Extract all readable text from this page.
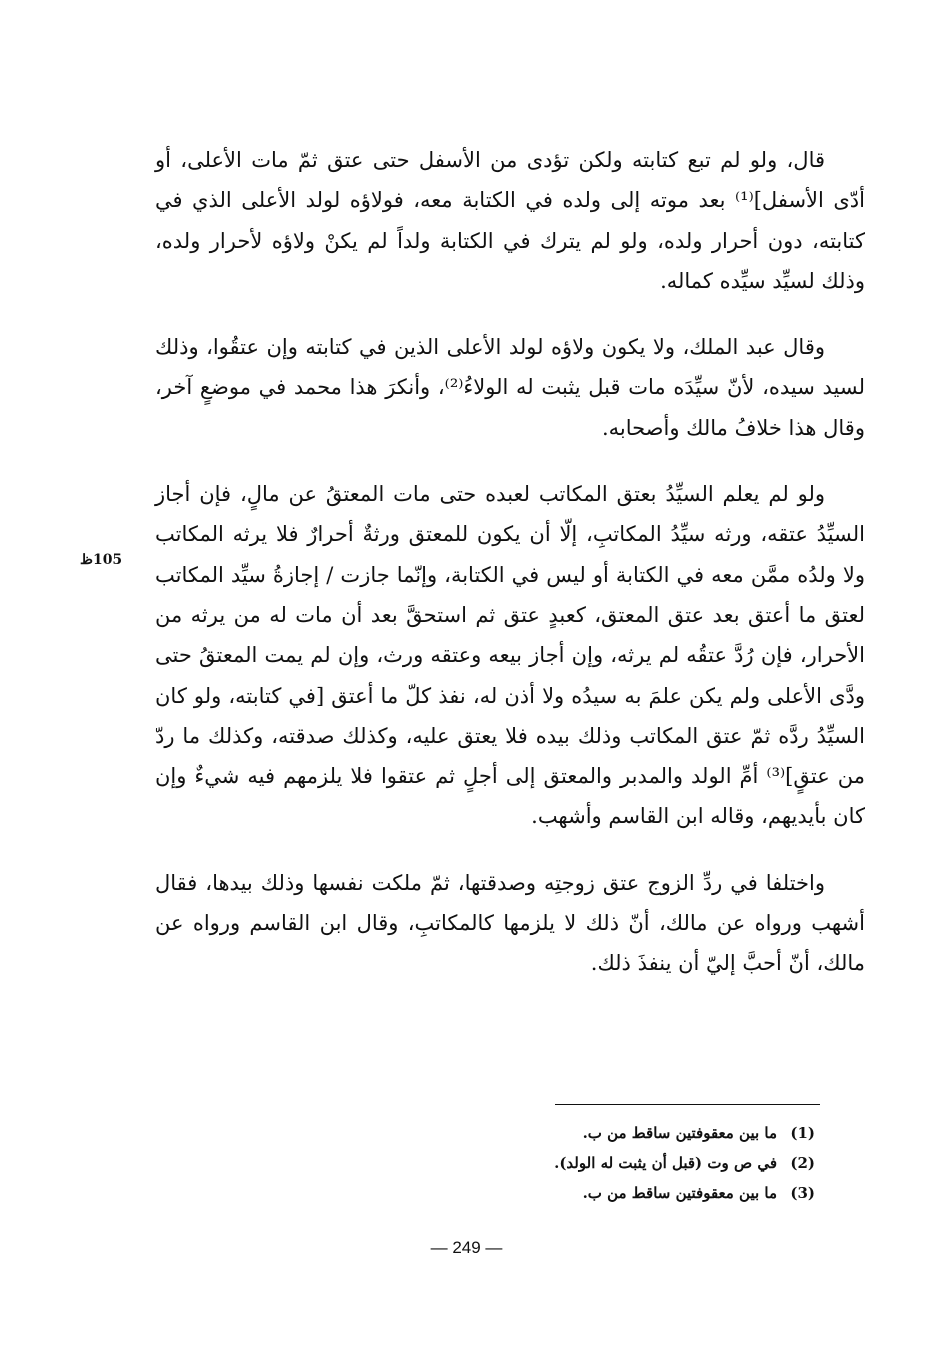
قال، ولو لم تبع كتابته ولكن تؤدى من الأسفل حتى عتق ثمّ مات الأعلى، أو أدّى الأسفل]⁽¹⁾ بعد موته إلى ولده في الكتابة معه، فولاؤه لولد الأعلى الذي في كتابته، دون أحرار ولده، ولو لم يترك في الكتابة ولداً لم يكنْ ولاؤه لأحرار ولده، وذلك لسيِّد سيِّده كماله.

وقال عبد الملك، ولا يكون ولاؤه لولد الأعلى الذين في كتابته وإن عتقُوا، وذلك لسيد سيده، لأنّ سيِّدَه مات قبل يثبت له الولاءُ⁽²⁾، وأنكرَ هذا محمد في موضعٍ آخر، وقال هذا خلافُ مالك وأصحابه.

ولو لم يعلم السيِّدُ بعتق المكاتب لعبده حتى مات المعتقُ عن مالٍ، فإن أجاز السيِّدُ عتقه، ورثه سيِّدُ المكاتبِ، إلّا أن يكون للمعتق ورثةٌ أحرارٌ فلا يرثه المكاتب ولا ولدُه ممَّن معه في الكتابة أو ليس في الكتابة، وإنّما جازت / إجازةُ سيِّد المكاتب لعتق ما أعتق بعد عتق المعتق، كعبدٍ عتق ثم استحقَّ بعد أن مات له من يرثه من الأحرار، فإن رُدَّ عتقُه لم يرثه، وإن أجاز بيعه وعتقه ورث، وإن لم يمت المعتقُ حتى ودَّى الأعلى ولم يكن علمَ به سيدُه ولا أذن له، نفذ كلّ ما أعتق [في كتابته، ولو كان السيِّدُ ردَّه ثمّ عتق المكاتب وذلك بيده فلا يعتق عليه، وكذلك صدقته، وكذلك ما ردّ من عتقٍ]⁽³⁾ أمِّ الولد والمدبر والمعتق إلى أجلٍ ثم عتقوا فلا يلزمهم فيه شيءٌ وإن كان بأيديهم، وقاله ابن القاسم وأشهب.

واختلفا في ردِّ الزوج عتق زوجتِه وصدقتها، ثمّ ملكت نفسها وذلك بيدها، فقال أشهب ورواه عن مالك، أنّ ذلك لا يلزمها كالمكاتبِ، وقال ابن القاسم ورواه عن مالك، أنّ أحبَّ إليّ أن ينفذَ ذلك.

105ظ
(1)
ما بين معقوفتين ساقط من ب.
(2)
في ص وت (قبل أن يثبت له الولد).
(3)
ما بين معقوفتين ساقط من ب.
— 249 —
